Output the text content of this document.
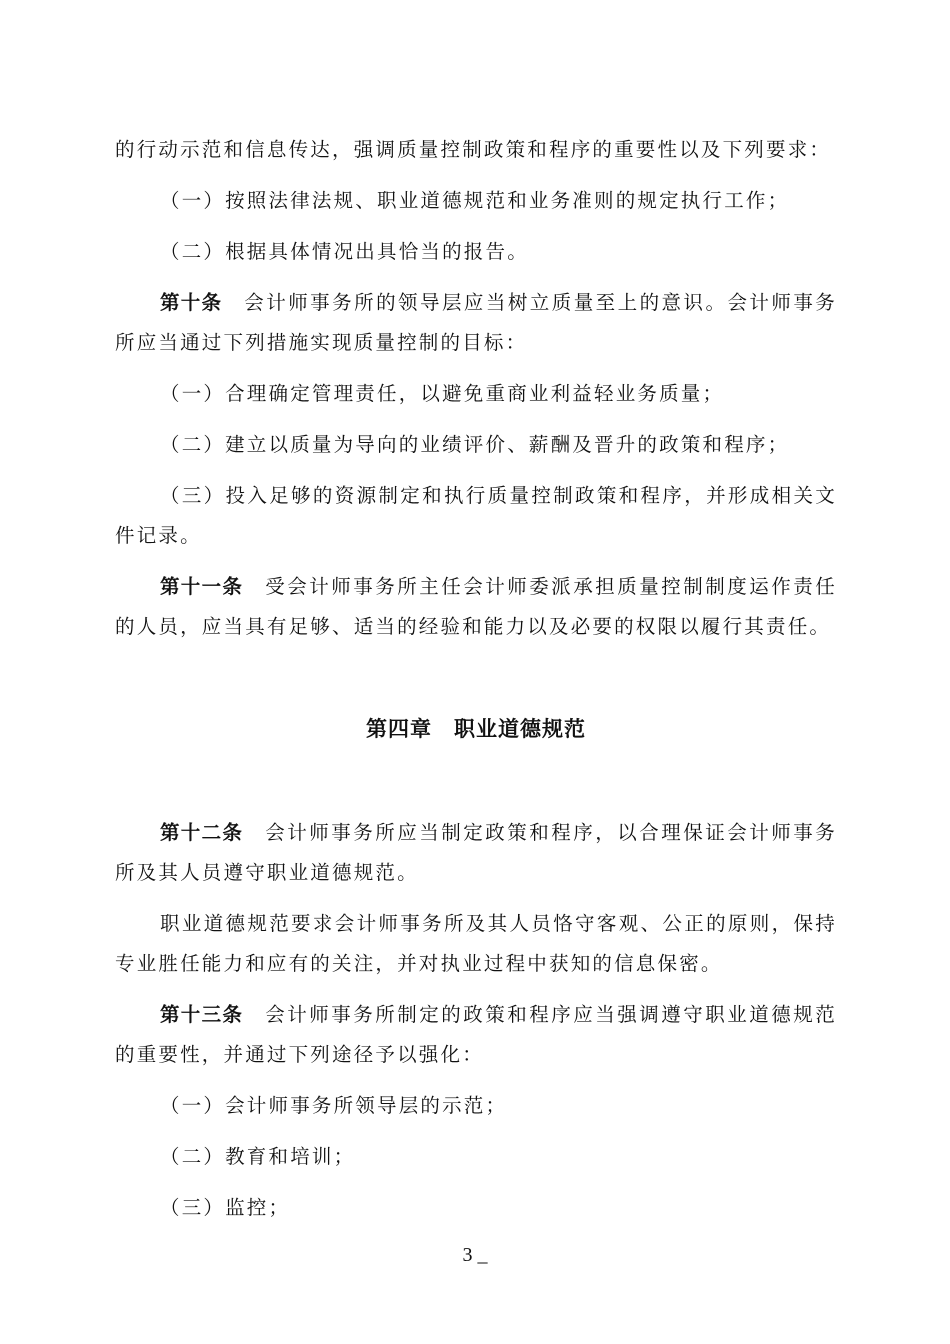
的行动示范和信息传达，强调质量控制政策和程序的重要性以及下列要求：

（一）按照法律法规、职业道德规范和业务准则的规定执行工作；

（二）根据具体情况出具恰当的报告。

第十条 会计师事务所的领导层应当树立质量至上的意识。会计师事务所应当通过下列措施实现质量控制的目标：

（一）合理确定管理责任，以避免重商业利益轻业务质量；

（二）建立以质量为导向的业绩评价、薪酬及晋升的政策和程序；

（三）投入足够的资源制定和执行质量控制政策和程序，并形成相关文件记录。

第十一条 受会计师事务所主任会计师委派承担质量控制制度运作责任的人员，应当具有足够、适当的经验和能力以及必要的权限以履行其责任。

第四章 职业道德规范

第十二条 会计师事务所应当制定政策和程序，以合理保证会计师事务所及其人员遵守职业道德规范。

职业道德规范要求会计师事务所及其人员恪守客观、公正的原则，保持专业胜任能力和应有的关注，并对执业过程中获知的信息保密。

第十三条 会计师事务所制定的政策和程序应当强调遵守职业道德规范的重要性，并通过下列途径予以强化：

（一）会计师事务所领导层的示范；

（二）教育和培训；

（三）监控；

3 _
